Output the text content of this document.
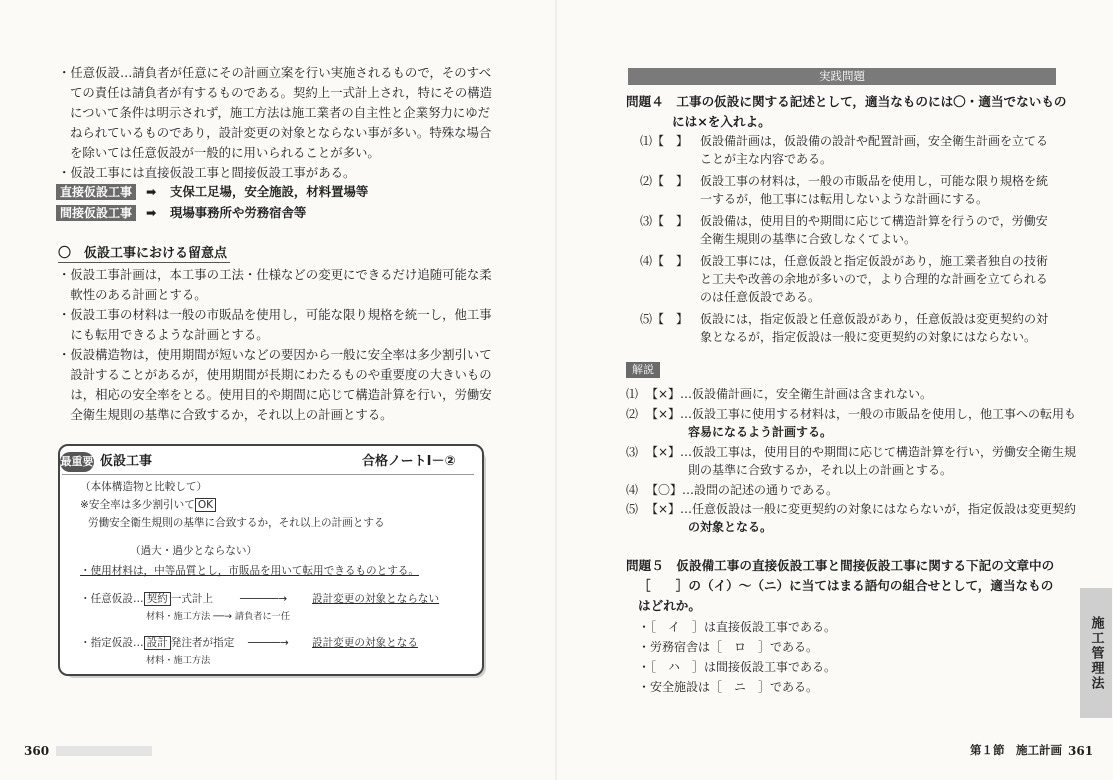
・任意仮設…請負者が任意にその計画立案を行い実施されるもので，そのすべ
ての責任は請負者が有するものである。契約上一式計上され，特にその構造
について条件は明示されず，施工方法は施工業者の自主性と企業努力にゆだ
ねられているものであり，設計変更の対象とならない事が多い。特殊な場合
を除いては任意仮設が一般的に用いられることが多い。
・仮設工事には直接仮設工事と間接仮設工事がある。
直接仮設工事	➡ 支保工足場，安全施設，材料置場等
間接仮設工事	➡ 現場事務所や労務宿舎等
〇　仮設工事における留意点
・仮設工事計画は，本工事の工法・仕様などの変更にできるだけ追随可能な柔
　軟性のある計画とする。
・仮設工事の材料は一般の市販品を使用し，可能な限り規格を統一し，他工事
　にも転用できるような計画とする。
・仮設構造物は，使用期間が短いなどの要因から一般に安全率は多少割引いて
　設計することがあるが，使用期間が長期にわたるものや重要度の大きいもの
　は，相応の安全率をとる。使用目的や期間に応じて構造計算を行い，労働安
　全衛生規則の基準に合致するか，それ以上の計画とする。
最重要 仮設工事	合格ノートⅠ－②
（本体構造物と比較して）
※安全率は多少割引いて OK
労働安全衛生規則の基準に合致するか，それ以上の計画とする
（過大・過少とならない）
・使用材料は，中等品質とし，市販品を用いて転用できるものとする。
・任意仮設… 契約 一式計上	──────→ 設計変更の対象とならない
材料・施工方法 ──→ 請負者に一任
・指定仮設… 設計 発注者が指定 ─────→ 設計変更の対象となる
材料・施工方法
360
実践問題
問題４　工事の仮設に関する記述として，適当なものには〇・適当でないもの
には×を入れよ。
⑴【　】 仮設備計画は，仮設備の設計や配置計画，安全衛生計画を立てる
ことが主な内容である。
⑵【　】 仮設工事の材料は，一般の市販品を使用し，可能な限り規格を統
一するが，他工事には転用しないような計画にする。
⑶【　】 仮設備は，使用目的や期間に応じて構造計算を行うので，労働安
全衛生規則の基準に合致しなくてよい。
⑷【　】 仮設工事には，任意仮設と指定仮設があり，施工業者独自の技術
と工夫や改善の余地が多いので，より合理的な計画を立てられる
のは任意仮設である。
⑸【　】 仮設には，指定仮設と任意仮設があり，任意仮設は変更契約の対
象となるが，指定仮設は一般に変更契約の対象にはならない。
解説
⑴ 【×】…仮設備計画に，安全衛生計画は含まれない。
⑵ 【×】…仮設工事に使用する材料は，一般の市販品を使用し，他工事への転用も
容易になるよう計画する。
⑶ 【×】…仮設工事は，使用目的や期間に応じて構造計算を行い，労働安全衛生規
則の基準に合致するか，それ以上の計画とする。
⑷ 【〇】…設問の記述の通りである。
⑸ 【×】…任意仮設は一般に変更契約の対象にはならないが，指定仮設は変更契約
の対象となる。
問題５　仮設備工事の直接仮設工事と間接仮設工事に関する下記の文章中の
［　　］の（イ）～（ニ）に当てはまる語句の組合せとして，適当なもの
はどれか。
・［　イ　］は直接仮設工事である。
・労務宿舎は［　ロ　］である。
・［　ハ　］は間接仮設工事である。
・安全施設は［　ニ　］である。	施工管理法
第１節　施工計画 361
